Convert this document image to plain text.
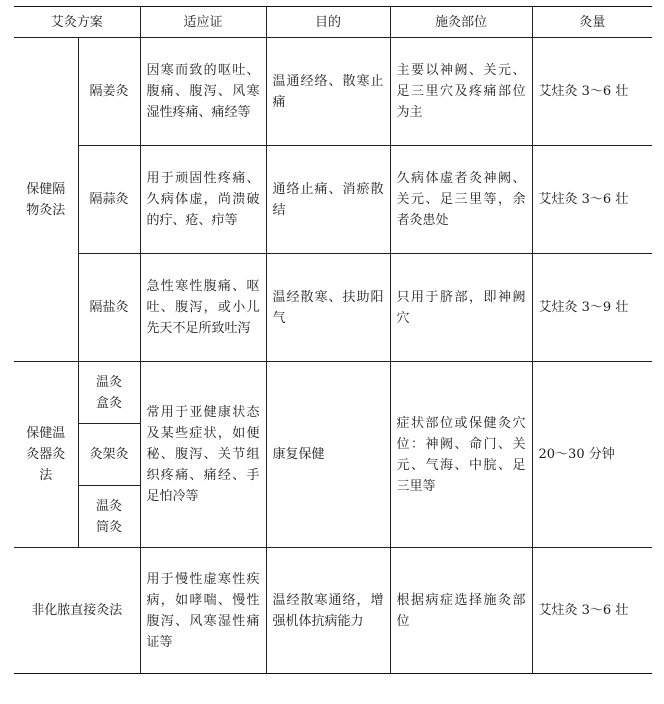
艾灸方案		适应证	目的	施灸部位	灸量
保健隔物灸法	隔姜灸	因寒而致的呕吐、腹痛、腹泻、风寒湿性疼痛、痛经等	温通经络、散寒止痛	主要以神阙、关元、足三里穴及疼痛部位为主	艾炷灸 3～6 壮
	隔蒜灸	用于顽固性疼痛、久病体虚，尚溃破的疔、疮、疖等	通络止痛、消瘀散结	久病体虚者灸神阙、关元、足三里等，余者灸患处	艾炷灸 3～6 壮
	隔盐灸	急性寒性腹痛、呕吐、腹泻，或小儿先天不足所致吐泻	温经散寒、扶助阳气	只用于脐部，即神阙穴	艾炷灸 3～9 壮
保健温灸器灸法	温灸盒灸	常用于亚健康状态及某些症状，如便秘、腹泻、关节组织疼痛、痛经、手足怕冷等	康复保健	症状部位或保健灸穴位：神阙、命门、关元、气海、中脘、足三里等	20～30 分钟
	灸架灸				
	温灸筒灸				
非化脓直接灸法		用于慢性虚寒性疾病，如哮喘、慢性腹泻、风寒湿性痛证等	温经散寒通络，增强机体抗病能力	根据病症选择施灸部位	艾炷灸 3～6 壮
